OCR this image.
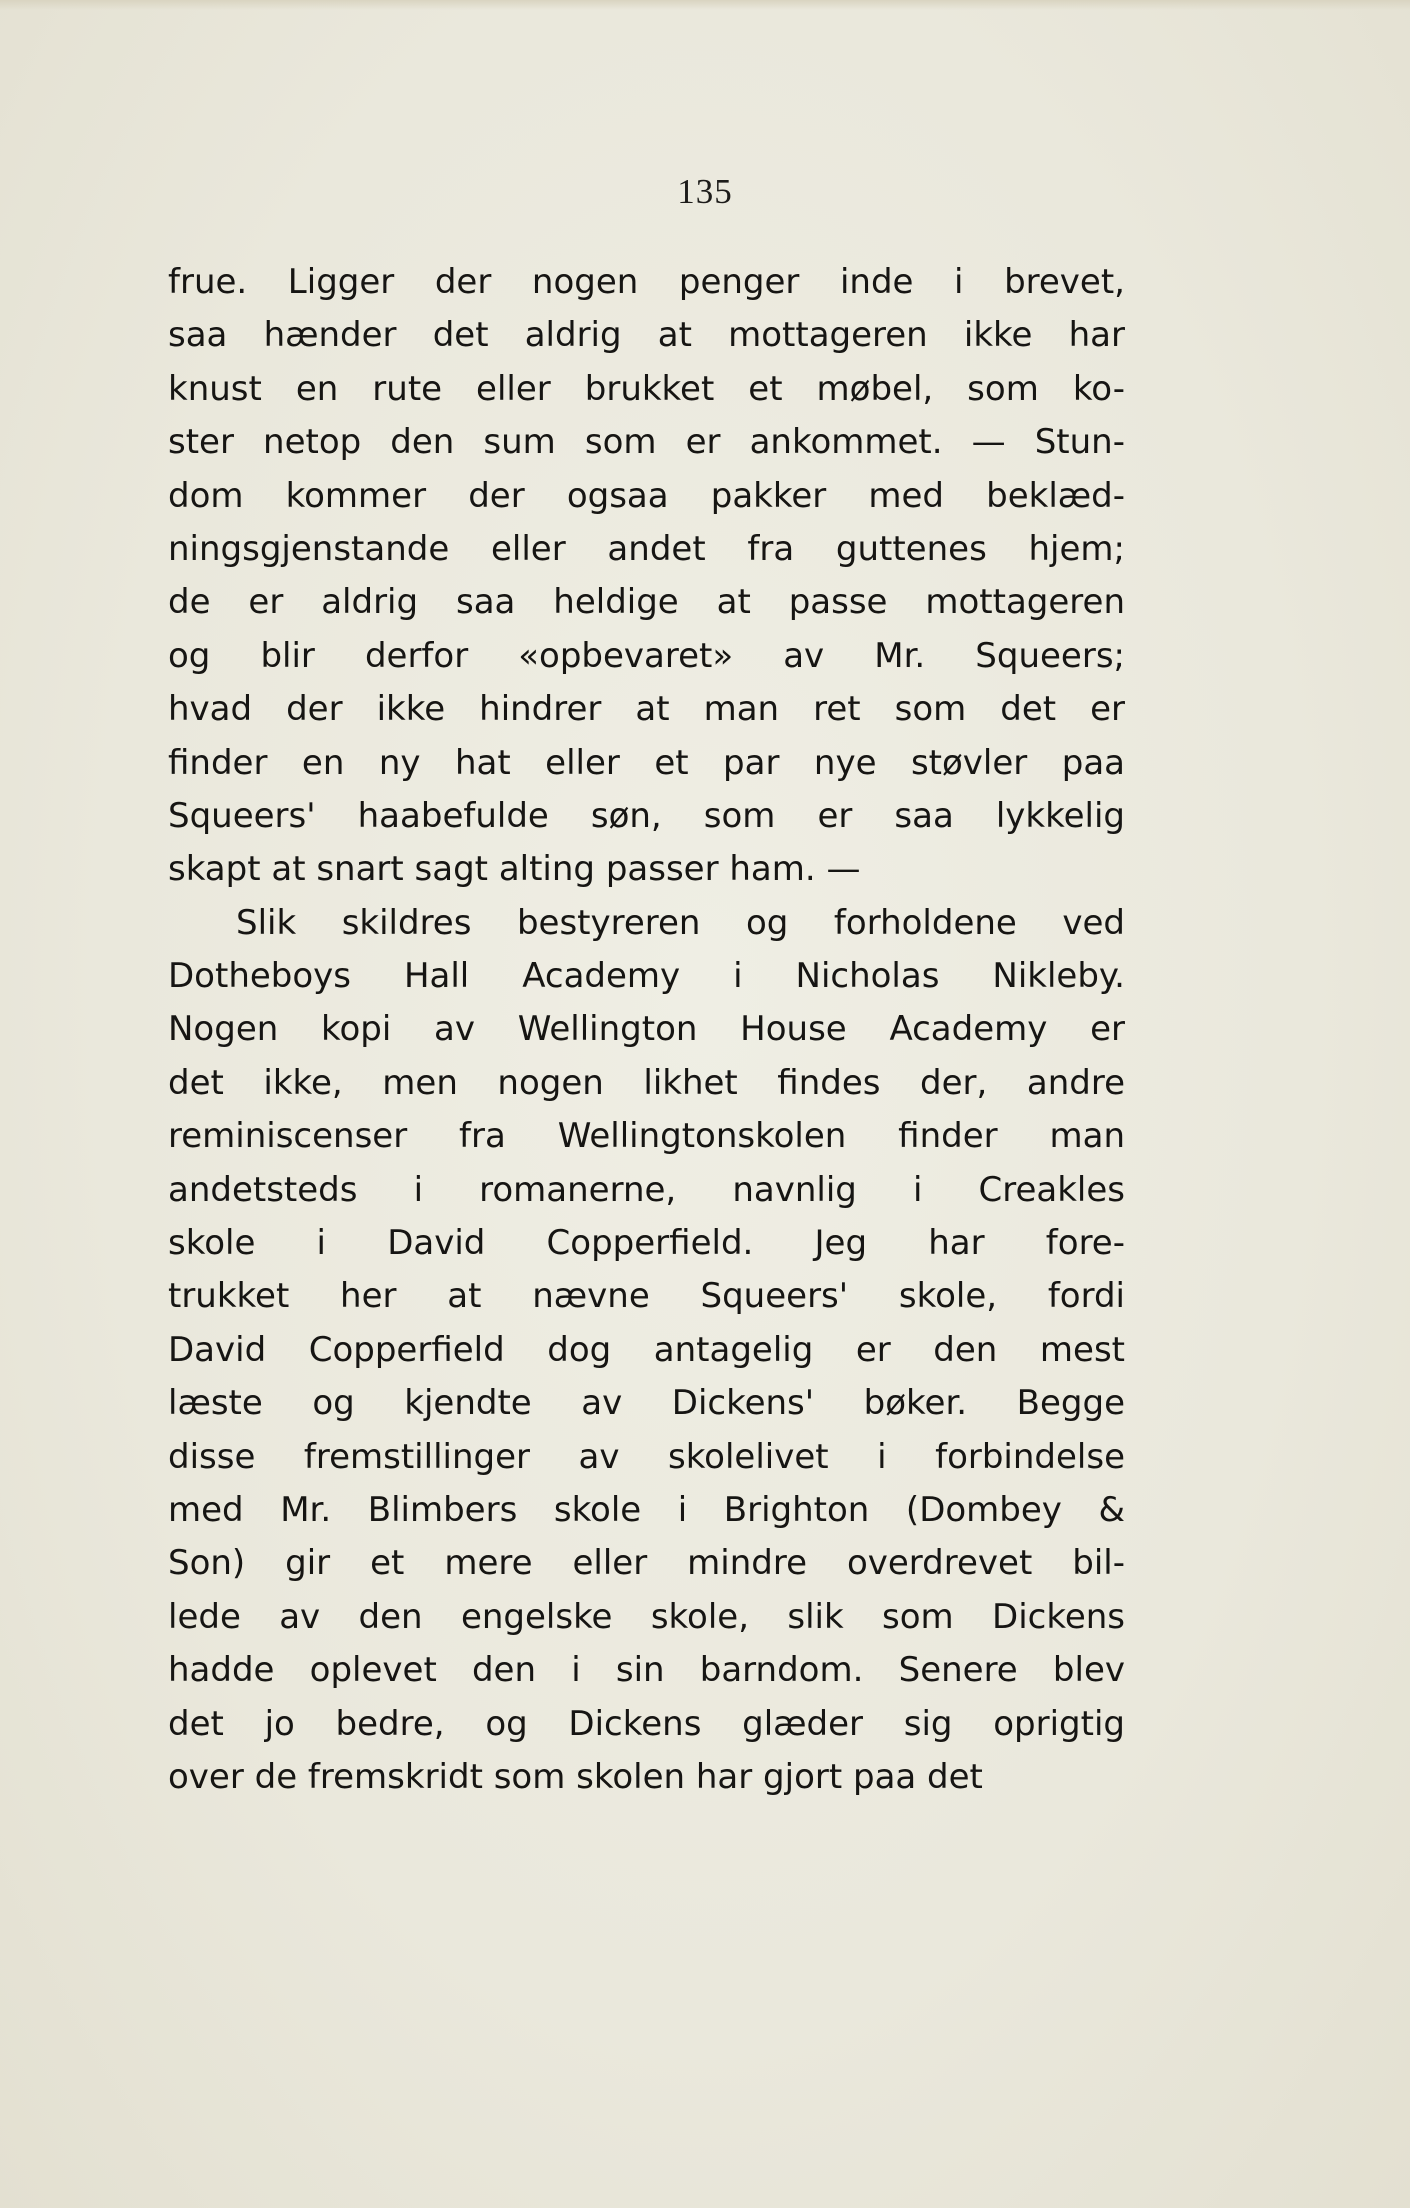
135
frue. Ligger der nogen penger inde i brevet,
saa hænder det aldrig at mottageren ikke har
knust en rute eller brukket et møbel, som ko-
ster netop den sum som er ankommet. — Stun-
dom kommer der ogsaa pakker med beklæd-
ningsgjenstande eller andet fra guttenes hjem;
de er aldrig saa heldige at passe mottageren
og blir derfor «opbevaret» av Mr. Squeers;
hvad der ikke hindrer at man ret som det er
finder en ny hat eller et par nye støvler paa
Squeers' haabefulde søn, som er saa lykkelig
skapt at snart sagt alting passer ham. —
Slik skildres bestyreren og forholdene ved
Dotheboys Hall Academy i Nicholas Nikleby.
Nogen kopi av Wellington House Academy er
det ikke, men nogen likhet findes der, andre
reminiscenser fra Wellingtonskolen finder man
andetsteds i romanerne, navnlig i Creakles
skole i David Copperfield. Jeg har fore-
trukket her at nævne Squeers' skole, fordi
David Copperfield dog antagelig er den mest
læste og kjendte av Dickens' bøker. Begge
disse fremstillinger av skolelivet i forbindelse
med Mr. Blimbers skole i Brighton (Dombey &
Son) gir et mere eller mindre overdrevet bil-
lede av den engelske skole, slik som Dickens
hadde oplevet den i sin barndom. Senere blev
det jo bedre, og Dickens glæder sig oprigtig
over de fremskridt som skolen har gjort paa det
